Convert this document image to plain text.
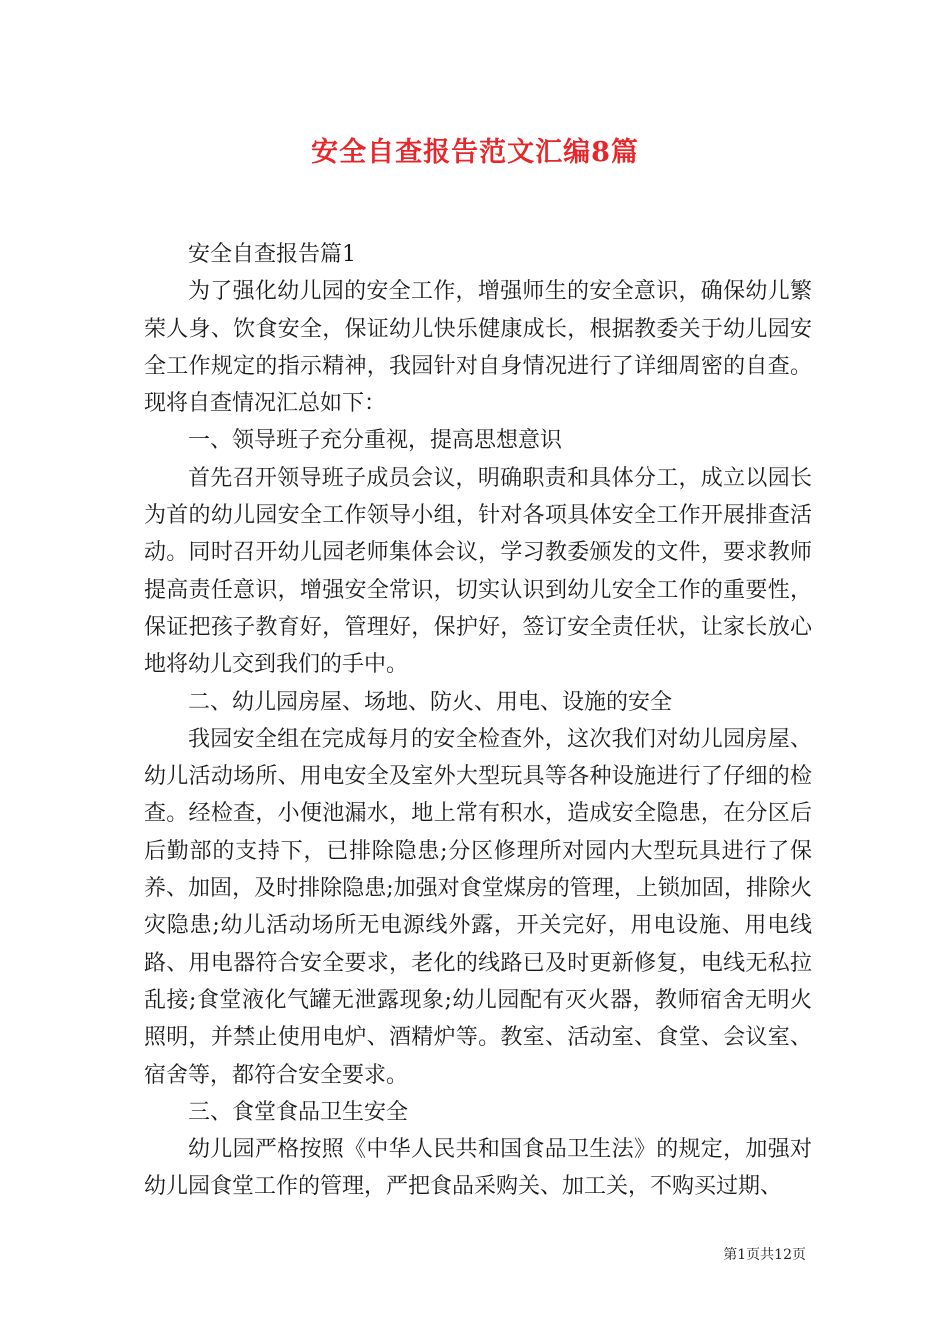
安全自查报告范文汇编8篇

安全自查报告篇1

为了强化幼儿园的安全工作，增强师生的安全意识，确保幼儿繁荣人身、饮食安全，保证幼儿快乐健康成长，根据教委关于幼儿园安全工作规定的指示精神，我园针对自身情况进行了详细周密的自查。现将自查情况汇总如下：

一、领导班子充分重视，提高思想意识

首先召开领导班子成员会议，明确职责和具体分工，成立以园长为首的幼儿园安全工作领导小组，针对各项具体安全工作开展排查活动。同时召开幼儿园老师集体会议，学习教委颁发的文件，要求教师提高责任意识，增强安全常识，切实认识到幼儿安全工作的重要性，保证把孩子教育好，管理好，保护好，签订安全责任状，让家长放心地将幼儿交到我们的手中。

二、幼儿园房屋、场地、防火、用电、设施的安全

我园安全组在完成每月的安全检查外，这次我们对幼儿园房屋、幼儿活动场所、用电安全及室外大型玩具等各种设施进行了仔细的检查。经检查，小便池漏水，地上常有积水，造成安全隐患，在分区后后勤部的支持下，已排除隐患;分区修理所对园内大型玩具进行了保养、加固，及时排除隐患;加强对食堂煤房的管理，上锁加固，排除火灾隐患;幼儿活动场所无电源线外露，开关完好，用电设施、用电线路、用电器符合安全要求，老化的线路已及时更新修复，电线无私拉乱接;食堂液化气罐无泄露现象;幼儿园配有灭火器，教师宿舍无明火照明，并禁止使用电炉、酒精炉等。教室、活动室、食堂、会议室、宿舍等，都符合安全要求。

三、食堂食品卫生安全

幼儿园严格按照《中华人民共和国食品卫生法》的规定，加强对幼儿园食堂工作的管理，严把食品采购关、加工关，不购买过期、

第1页共12页
